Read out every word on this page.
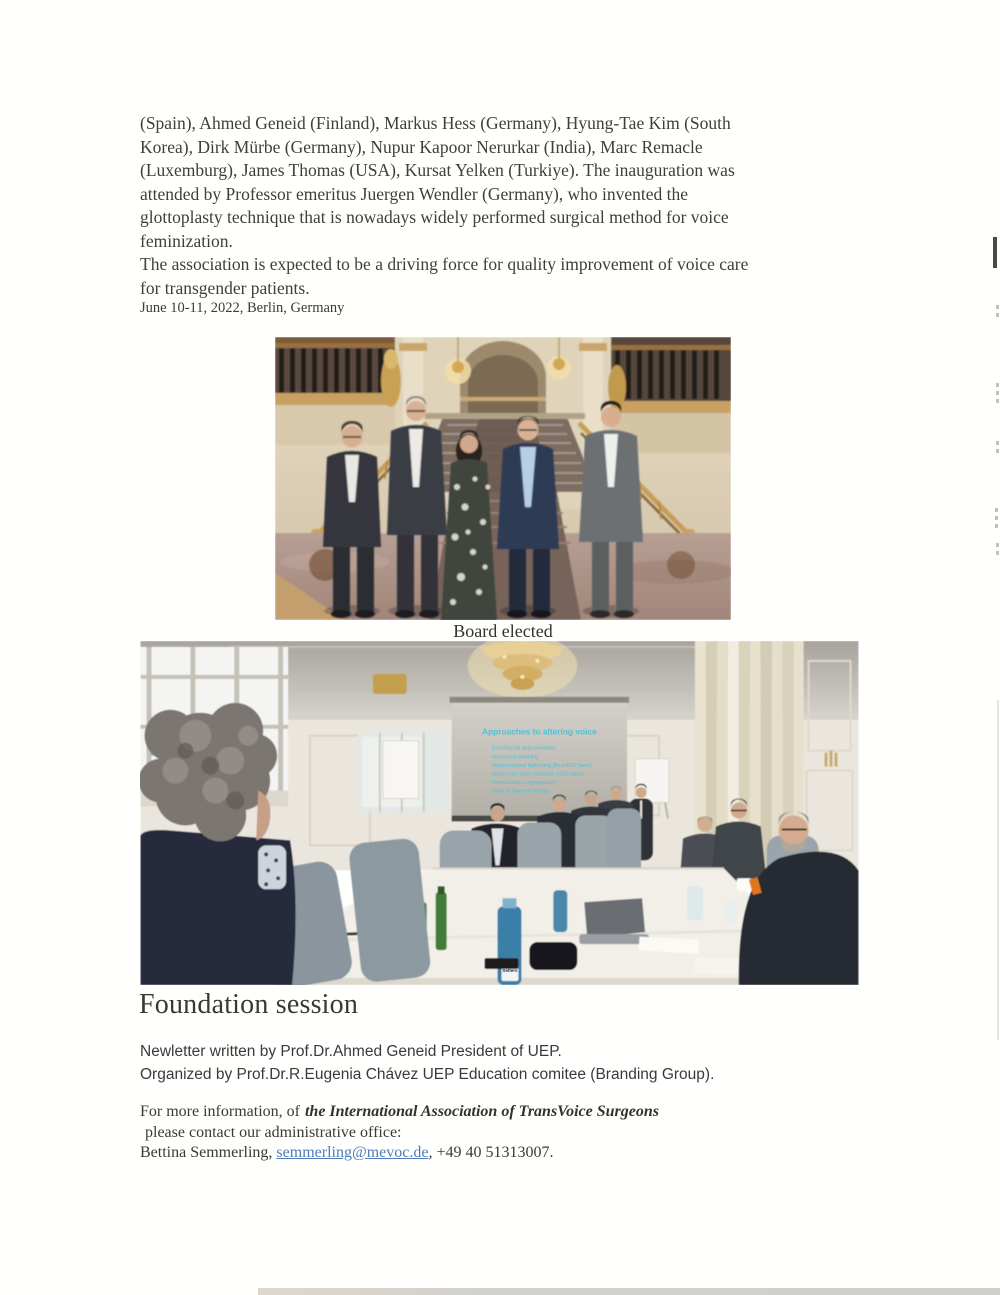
(Spain), Ahmed Geneid (Finland), Markus Hess (Germany), Hyung-Tae Kim (South
Korea), Dirk Mürbe (Germany), Nupur Kapoor Nerurkar (India), Marc Remacle
(Luxemburg), James Thomas (USA), Kursat Yelken (Turkiye). The inauguration was
attended by Professor emeritus Juergen Wendler (Germany), who invented the
glottoplasty technique that is nowadays widely performed surgical method for voice
feminization.
The association is expected to be a driving force for quality improvement of voice care
for transgender patients.
June 10-11, 2022, Berlin, Germany
Board elected
Approaches to altering voice
Cricothyroid approximation
Vocal cord webbing
Vocal mucosal tightening (Blue/KTP laser)
Vocal cord mass reduction (CO2 laser)
Feminization Laryngoplasty
Voice or Speech therapy
Selters
Foundation session
Newletter written by Prof.Dr.Ahmed Geneid President of UEP.
Organized by Prof.Dr.R.Eugenia Chávez UEP Education comitee (Branding Group).
For more information, of the International Association of TransVoice Surgeons
please contact our administrative office:
Bettina Semmerling, semmerling@mevoc.de, +49 40 51313007.
